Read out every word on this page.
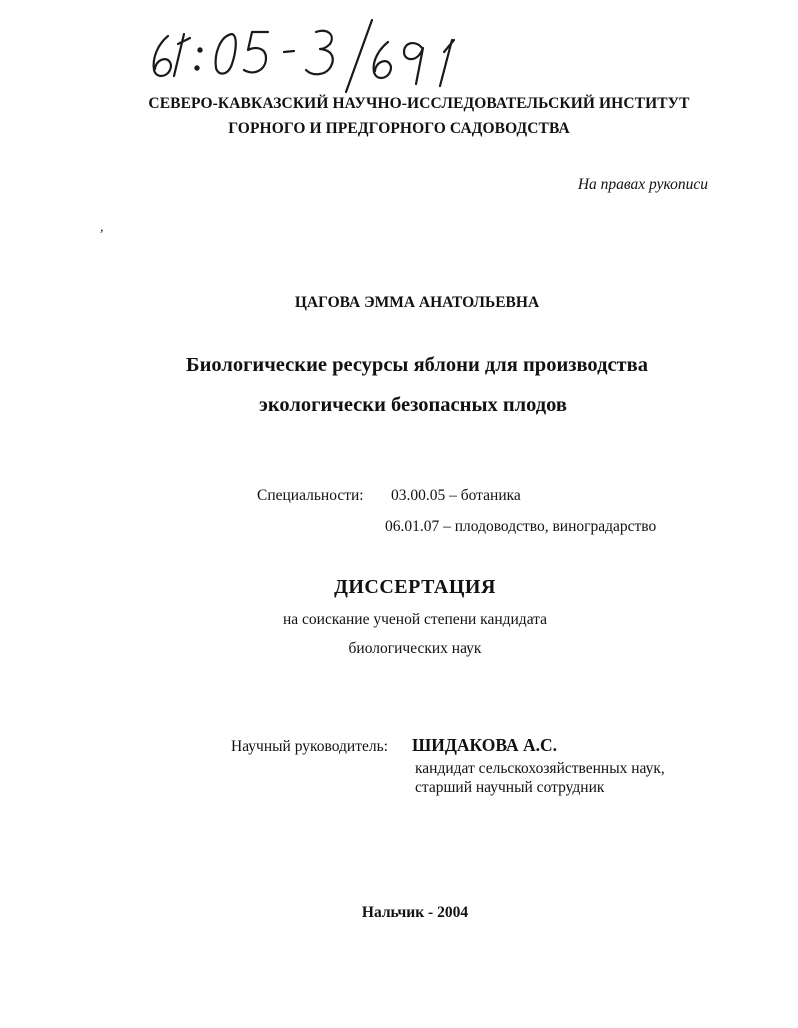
61:05-3/691
СЕВЕРО-КАВКАЗСКИЙ НАУЧНО-ИССЛЕДОВАТЕЛЬСКИЙ ИНСТИТУТ
ГОРНОГО И ПРЕДГОРНОГО САДОВОДСТВА
На правах рукописи
,
ЦАГОВА ЭММА АНАТОЛЬЕВНА
Биологические ресурсы яблони для производства
экологически безопасных плодов
Специальности: 03.00.05 – ботаника
06.01.07 – плодоводство, виноградарство
ДИССЕРТАЦИЯ
на соискание ученой степени кандидата
биологических наук
Научный руководитель: ШИДАКОВА А.С.
кандидат сельскохозяйственных наук,
старший научный сотрудник
Нальчик - 2004
